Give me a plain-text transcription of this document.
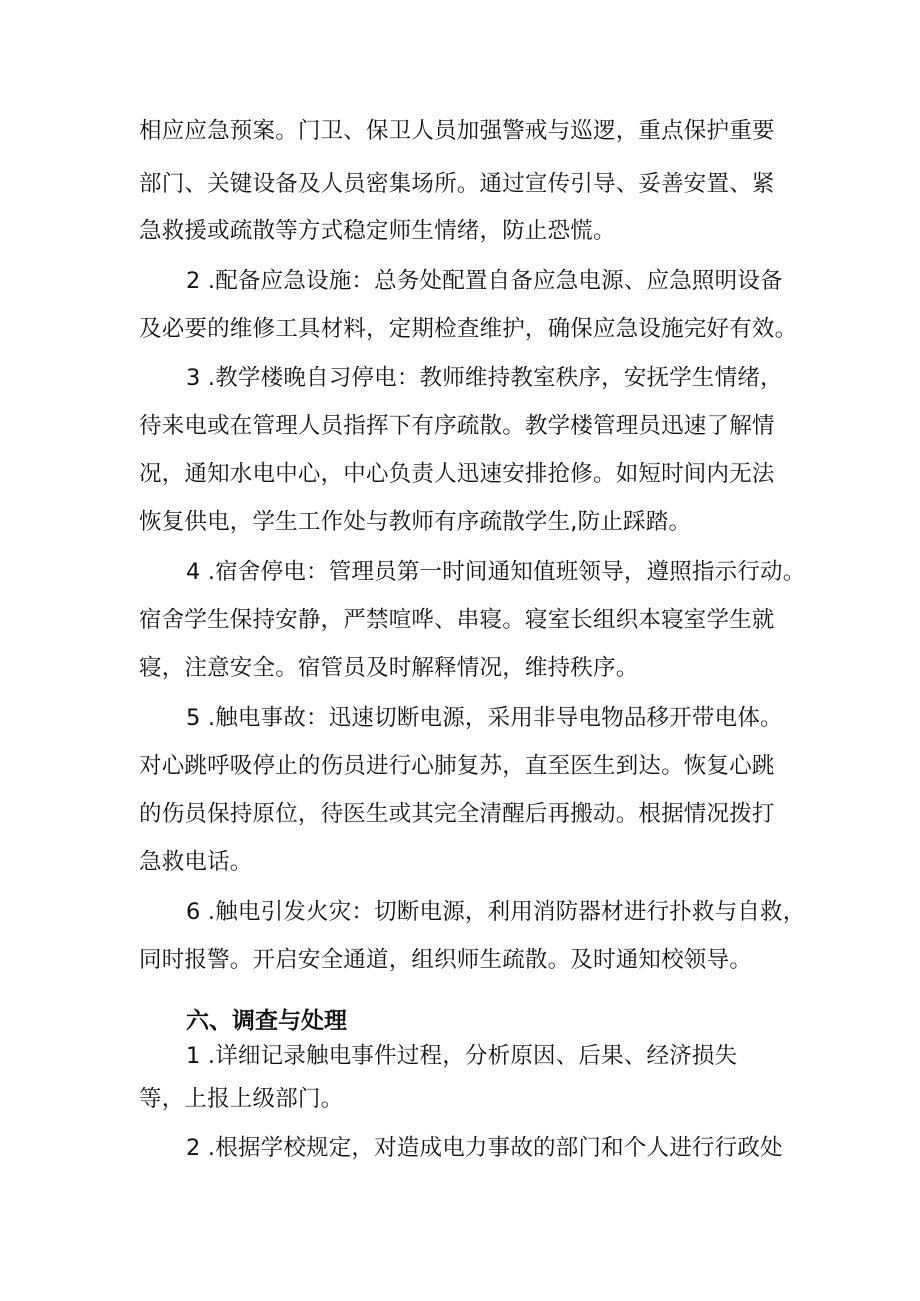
相应应急预案。门卫、保卫人员加强警戒与巡逻，重点保护重要
部门、关键设备及人员密集场所。通过宣传引导、妥善安置、紧
急救援或疏散等方式稳定师生情绪，防止恐慌。
2 .配备应急设施：总务处配置自备应急电源、应急照明设备
及必要的维修工具材料，定期检查维护，确保应急设施完好有效。
3 .教学楼晚自习停电：教师维持教室秩序，安抚学生情绪，
待来电或在管理人员指挥下有序疏散。教学楼管理员迅速了解情
况，通知水电中心，中心负责人迅速安排抢修。如短时间内无法
恢复供电，学生工作处与教师有序疏散学生,防止踩踏。
4 .宿舍停电：管理员第一时间通知值班领导，遵照指示行动。
宿舍学生保持安静，严禁喧哗、串寝。寝室长组织本寝室学生就
寝，注意安全。宿管员及时解释情况，维持秩序。
5 .触电事故：迅速切断电源，采用非导电物品移开带电体。
对心跳呼吸停止的伤员进行心肺复苏，直至医生到达。恢复心跳
的伤员保持原位，待医生或其完全清醒后再搬动。根据情况拨打
急救电话。
6 .触电引发火灾：切断电源，利用消防器材进行扑救与自救，
同时报警。开启安全通道，组织师生疏散。及时通知校领导。
六、调查与处理
1 .详细记录触电事件过程，分析原因、后果、经济损失
等，上报上级部门。
2 .根据学校规定，对造成电力事故的部门和个人进行行政处
